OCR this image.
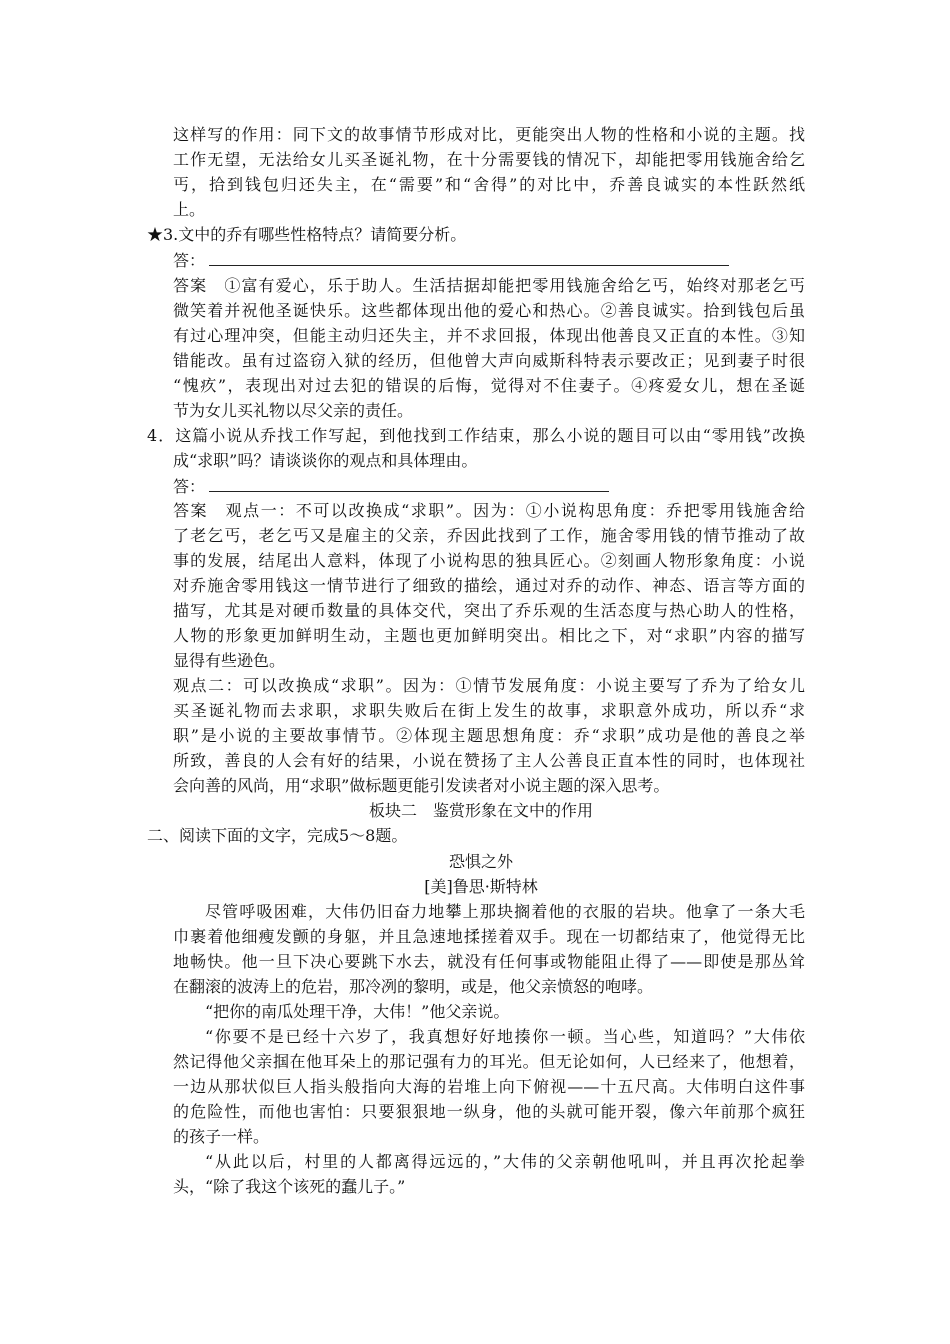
这样写的作用：同下文的故事情节形成对比，更能突出人物的性格和小说的主题。找
工作无望，无法给女儿买圣诞礼物，在十分需要钱的情况下，却能把零用钱施舍给乞
丐，拾到钱包归还失主，在“需要”和“舍得”的对比中，乔善良诚实的本性跃然纸
上。
★3.文中的乔有哪些性格特点？请简要分析。
答：
答案　①富有爱心，乐于助人。生活拮据却能把零用钱施舍给乞丐，始终对那老乞丐
微笑着并祝他圣诞快乐。这些都体现出他的爱心和热心。②善良诚实。拾到钱包后虽
有过心理冲突，但能主动归还失主，并不求回报，体现出他善良又正直的本性。③知
错能改。虽有过盗窃入狱的经历，但他曾大声向威斯科特表示要改正；见到妻子时很
“愧疚”，表现出对过去犯的错误的后悔，觉得对不住妻子。④疼爱女儿，想在圣诞
节为女儿买礼物以尽父亲的责任。
4．这篇小说从乔找工作写起，到他找到工作结束，那么小说的题目可以由“零用钱”改换
成“求职”吗？请谈谈你的观点和具体理由。
答：
答案　观点一：不可以改换成“求职”。因为：①小说构思角度：乔把零用钱施舍给
了老乞丐，老乞丐又是雇主的父亲，乔因此找到了工作，施舍零用钱的情节推动了故
事的发展，结尾出人意料，体现了小说构思的独具匠心。②刻画人物形象角度：小说
对乔施舍零用钱这一情节进行了细致的描绘，通过对乔的动作、神态、语言等方面的
描写，尤其是对硬币数量的具体交代，突出了乔乐观的生活态度与热心助人的性格，
人物的形象更加鲜明生动，主题也更加鲜明突出。相比之下，对“求职”内容的描写
显得有些逊色。
观点二：可以改换成“求职”。因为：①情节发展角度：小说主要写了乔为了给女儿
买圣诞礼物而去求职，求职失败后在街上发生的故事，求职意外成功，所以乔“求
职”是小说的主要故事情节。②体现主题思想角度：乔“求职”成功是他的善良之举
所致，善良的人会有好的结果，小说在赞扬了主人公善良正直本性的同时，也体现社
会向善的风尚，用“求职”做标题更能引发读者对小说主题的深入思考。
板块二　鉴赏形象在文中的作用
二、阅读下面的文字，完成5～8题。
恐惧之外
[美]鲁思·斯特林
尽管呼吸困难，大伟仍旧奋力地攀上那块搁着他的衣服的岩块。他拿了一条大毛
巾裹着他细瘦发颤的身躯，并且急速地揉搓着双手。现在一切都结束了，他觉得无比
地畅快。他一旦下决心要跳下水去，就没有任何事或物能阻止得了——即使是那丛耸
在翻滚的波涛上的危岩，那冷冽的黎明，或是，他父亲愤怒的咆哮。
“把你的南瓜处理干净，大伟！”他父亲说。
“你要不是已经十六岁了，我真想好好地揍你一顿。当心些，知道吗？”大伟依
然记得他父亲掴在他耳朵上的那记强有力的耳光。但无论如何，人已经来了，他想着，
一边从那状似巨人指头般指向大海的岩堆上向下俯视——十五尺高。大伟明白这件事
的危险性，而他也害怕：只要狠狠地一纵身，他的头就可能开裂，像六年前那个疯狂
的孩子一样。
“从此以后，村里的人都离得远远的，”大伟的父亲朝他吼叫，并且再次抡起拳
头，“除了我这个该死的蠢儿子。”
